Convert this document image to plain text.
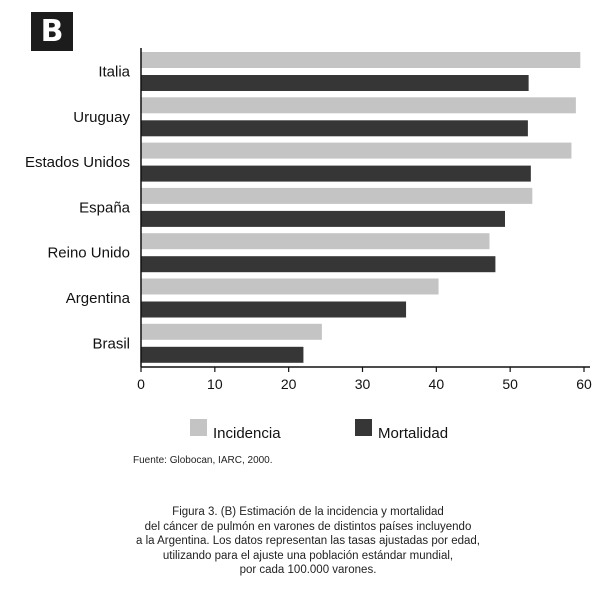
B
Italia
Uruguay
Estados Unidos
España
Reino Unido
Argentina
Brasil
0	10	20	30	40	50	60
Incidencia	Mortalidad
Fuente: Globocan, IARC, 2000.
Figura 3. (B) Estimación de la incidencia y mortalidad
del cáncer de pulmón en varones de distintos países incluyendo
a la Argentina. Los datos representan las tasas ajustadas por edad,
utilizando para el ajuste una población estándar mundial,
por cada 100.000 varones.
